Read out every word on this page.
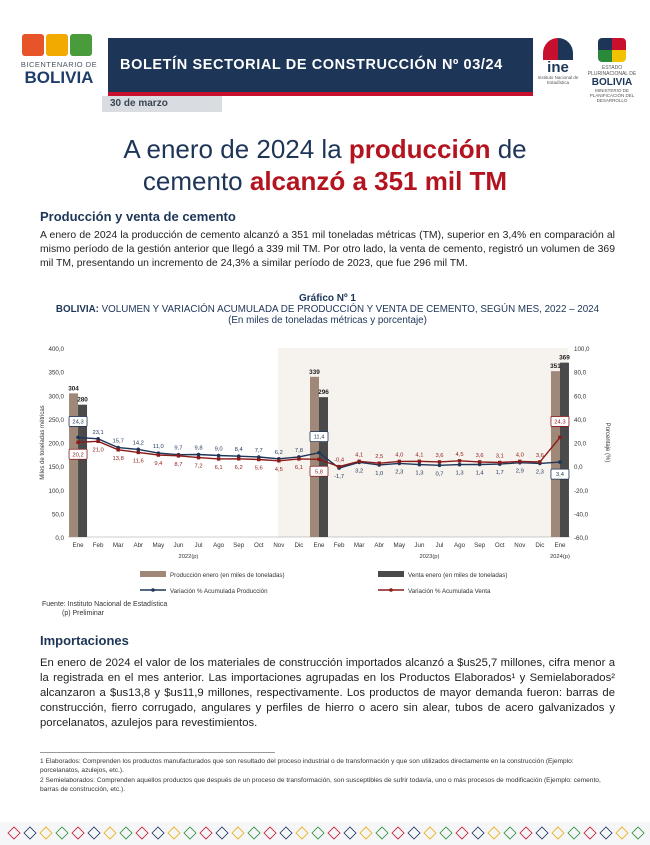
BICENTENARIO DE
BOLIVIA
BOLETÍN SECTORIAL DE CONSTRUCCIÓN Nº 03/24
30 de marzo
ine
Instituto Nacional de Estadística
ESTADO PLURINACIONAL DE
BOLIVIA
MINISTERIO DE PLANIFICACIÓN DEL DESARROLLO
A enero de 2024 la producción de
cemento alcanzó a 351 mil TM
Producción y venta de cemento
A enero de 2024 la producción de cemento alcanzó a 351 mil toneladas métricas (TM), superior en 3,4% en comparación al mismo período de la gestión anterior que llegó a 339 mil TM. Por otro lado, la venta de cemento, registró un volumen de 369 mil TM, presentando un incremento de 24,3% a similar período de 2023, que fue 296 mil TM.
Gráfico Nº 1
BOLIVIA: VOLUMEN Y VARIACIÓN ACUMULADA DE PRODUCCIÓN Y VENTA DE CEMENTO, SEGÚN MES, 2022 – 2024
(En miles de toneladas métricas y porcentaje)
400,0
350,0
300,0
250,0
200,0
150,0
100,0
50,0
0,0
100,0
80,0
60,0
40,0
20,0
0,0
-20,0
-40,0
-60,0
Miles de toneladas métricas	Porcentaje (%)
304
280
339
296
351
369
24,3
23,1
15,7 14,2
11,0 9,7 9,8 9,0 8,4 7,7 6,2 7,8
11,4
-1,7
3,2 1,0 2,3 1,3 0,7 1,3 1,4 1,7 2,9 2,3 3,4
20,2
21,0
13,8 11,6 9,4 8,7 7,2 6,1 6,2 5,6 4,5 6,1
5,8
-0,4
4,1 2,5 4,0 4,1 3,6 4,5 3,6 3,1 4,0 3,6
24,3
Ene Feb Mar Abr May Jun Jul Ago Sep Oct Nov Dic Ene Feb Mar Abr May Jun Jul Ago Sep Oct Nov Dic Ene
2022(p)	2023(p)	2024(p)
Producción enero (en miles de toneladas)	Venta enero (en miles de toneladas)
Variación % Acumulada Producción	Variación % Acumulada Venta
Fuente: Instituto Nacional de Estadística
(p) Preliminar
Importaciones
En enero de 2024 el valor de los materiales de construcción importados alcanzó a $us25,7 millones, cifra menor a la registrada en el mes anterior. Las importaciones agrupadas en los Productos Elaborados¹ y Semielaborados² alcanzaron a $us13,8 y $us11,9 millones, respectivamente. Los productos de mayor demanda fueron: barras de construcción, fierro corrugado, angulares y perfiles de hierro o acero sin alear, tubos de acero galvanizados y porcelanatos, azulejos para revestimientos.
1 Elaborados: Comprenden los productos manufacturados que son resultado del proceso industrial o de transformación y que son utilizados directamente en la construcción (Ejemplo: porcelanatos, azulejos, etc.).
2 Semielaborados: Comprenden aquellos productos que después de un proceso de transformación, son susceptibles de sufrir todavía, uno o más procesos de modificación (Ejemplo: cemento, barras de construcción, etc.).
